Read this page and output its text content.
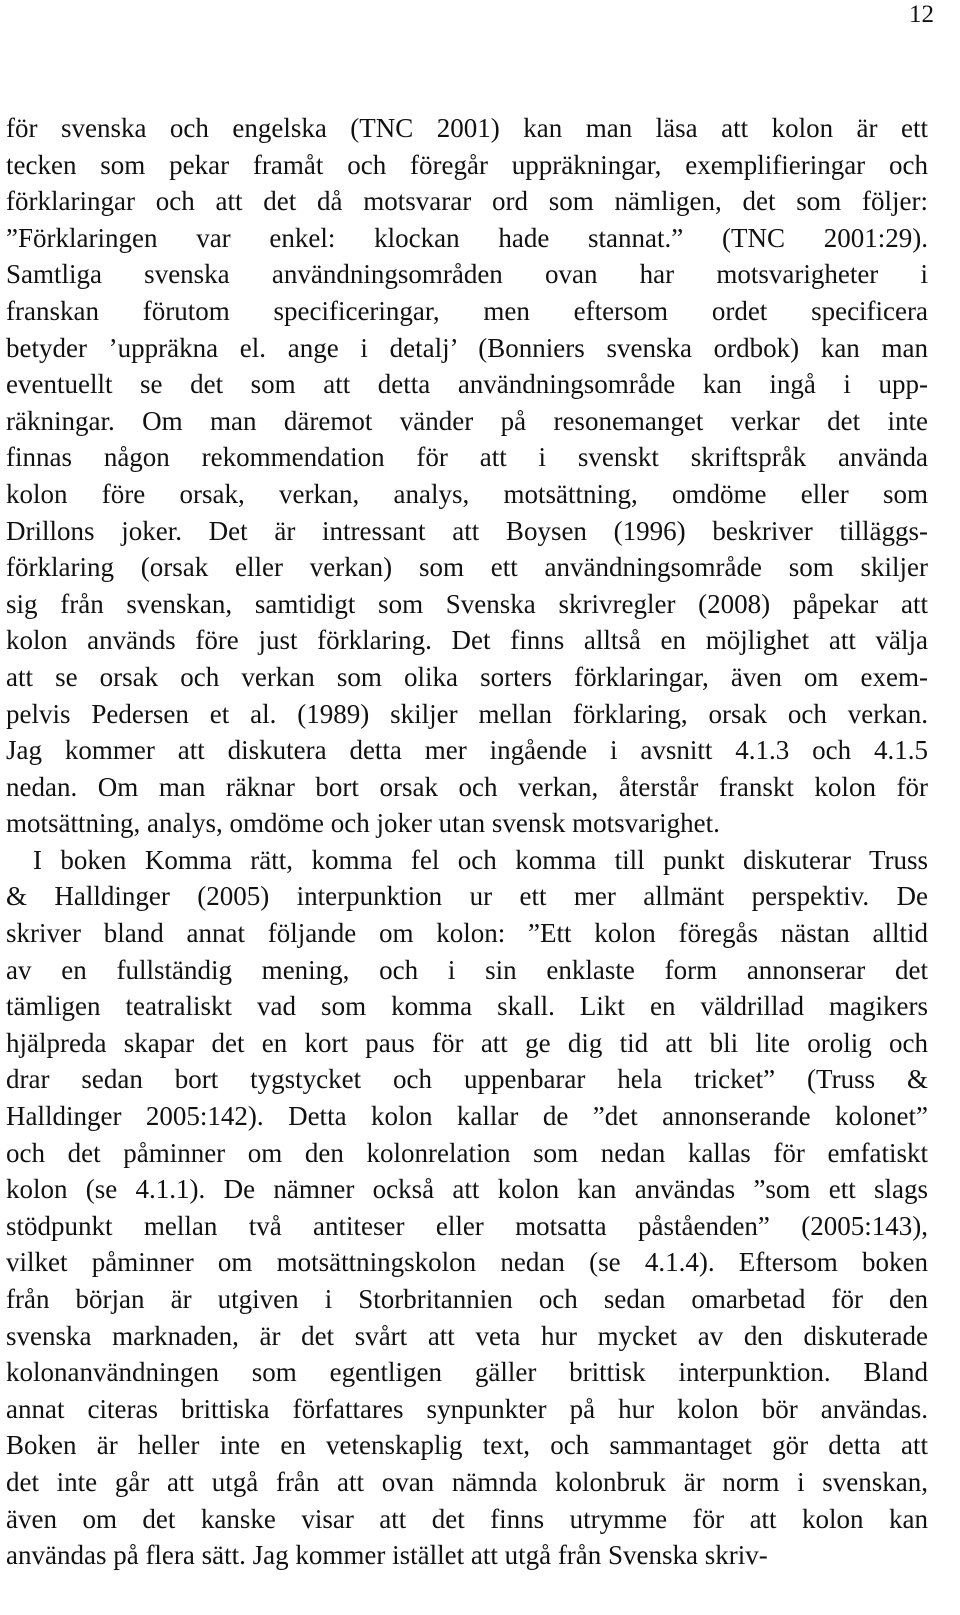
12
för svenska och engelska (TNC 2001) kan man läsa att kolon är ett
tecken som pekar framåt och föregår uppräkningar, exemplifieringar och
förklaringar och att det då motsvarar ord som nämligen, det som följer:
”Förklaringen var enkel: klockan hade stannat.” (TNC 2001:29).
Samtliga svenska användningsområden ovan har motsvarigheter i
franskan förutom specificeringar, men eftersom ordet specificera
betyder ’uppräkna el. ange i detalj’ (Bonniers svenska ordbok) kan man
eventuellt se det som att detta användningsområde kan ingå i upp-
räkningar. Om man däremot vänder på resonemanget verkar det inte
finnas någon rekommendation för att i svenskt skriftspråk använda
kolon före orsak, verkan, analys, motsättning, omdöme eller som
Drillons joker. Det är intressant att Boysen (1996) beskriver tilläggs-
förklaring (orsak eller verkan) som ett användningsområde som skiljer
sig från svenskan, samtidigt som Svenska skrivregler (2008) påpekar att
kolon används före just förklaring. Det finns alltså en möjlighet att välja
att se orsak och verkan som olika sorters förklaringar, även om exem-
pelvis Pedersen et al. (1989) skiljer mellan förklaring, orsak och verkan.
Jag kommer att diskutera detta mer ingående i avsnitt 4.1.3 och 4.1.5
nedan. Om man räknar bort orsak och verkan, återstår franskt kolon för
motsättning, analys, omdöme och joker utan svensk motsvarighet.
I boken Komma rätt, komma fel och komma till punkt diskuterar Truss
& Halldinger (2005) interpunktion ur ett mer allmänt perspektiv. De
skriver bland annat följande om kolon: ”Ett kolon föregås nästan alltid
av en fullständig mening, och i sin enklaste form annonserar det
tämligen teatraliskt vad som komma skall. Likt en väldrillad magikers
hjälpreda skapar det en kort paus för att ge dig tid att bli lite orolig och
drar sedan bort tygstycket och uppenbarar hela tricket” (Truss &
Halldinger 2005:142). Detta kolon kallar de ”det annonserande kolonet”
och det påminner om den kolonrelation som nedan kallas för emfatiskt
kolon (se 4.1.1). De nämner också att kolon kan användas ”som ett slags
stödpunkt mellan två antiteser eller motsatta påståenden” (2005:143),
vilket påminner om motsättningskolon nedan (se 4.1.4). Eftersom boken
från början är utgiven i Storbritannien och sedan omarbetad för den
svenska marknaden, är det svårt att veta hur mycket av den diskuterade
kolonanvändningen som egentligen gäller brittisk interpunktion. Bland
annat citeras brittiska författares synpunkter på hur kolon bör användas.
Boken är heller inte en vetenskaplig text, och sammantaget gör detta att
det inte går att utgå från att ovan nämnda kolonbruk är norm i svenskan,
även om det kanske visar att det finns utrymme för att kolon kan
användas på flera sätt. Jag kommer istället att utgå från Svenska skriv-
